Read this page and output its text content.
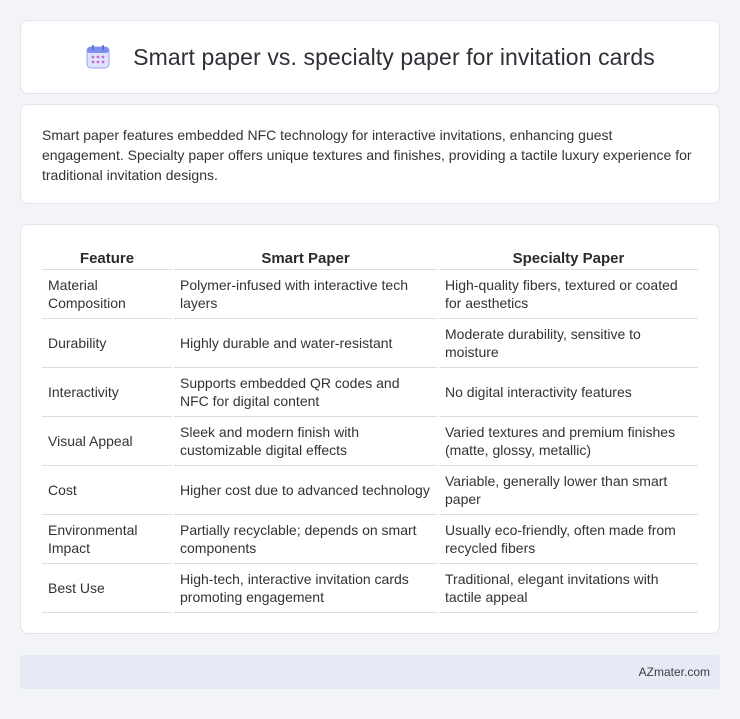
Smart paper vs. specialty paper for invitation cards

Smart paper features embedded NFC technology for interactive invitations, enhancing guest engagement. Specialty paper offers unique textures and finishes, providing a tactile luxury experience for traditional invitation designs.

Feature	Smart Paper	Specialty Paper
Material Composition	Polymer-infused with interactive tech layers	High-quality fibers, textured or coated for aesthetics
Durability	Highly durable and water-resistant	Moderate durability, sensitive to moisture
Interactivity	Supports embedded QR codes and NFC for digital content	No digital interactivity features
Visual Appeal	Sleek and modern finish with customizable digital effects	Varied textures and premium finishes (matte, glossy, metallic)
Cost	Higher cost due to advanced technology	Variable, generally lower than smart paper
Environmental Impact	Partially recyclable; depends on smart components	Usually eco-friendly, often made from recycled fibers
Best Use	High-tech, interactive invitation cards promoting engagement	Traditional, elegant invitations with tactile appeal
AZmater.com
